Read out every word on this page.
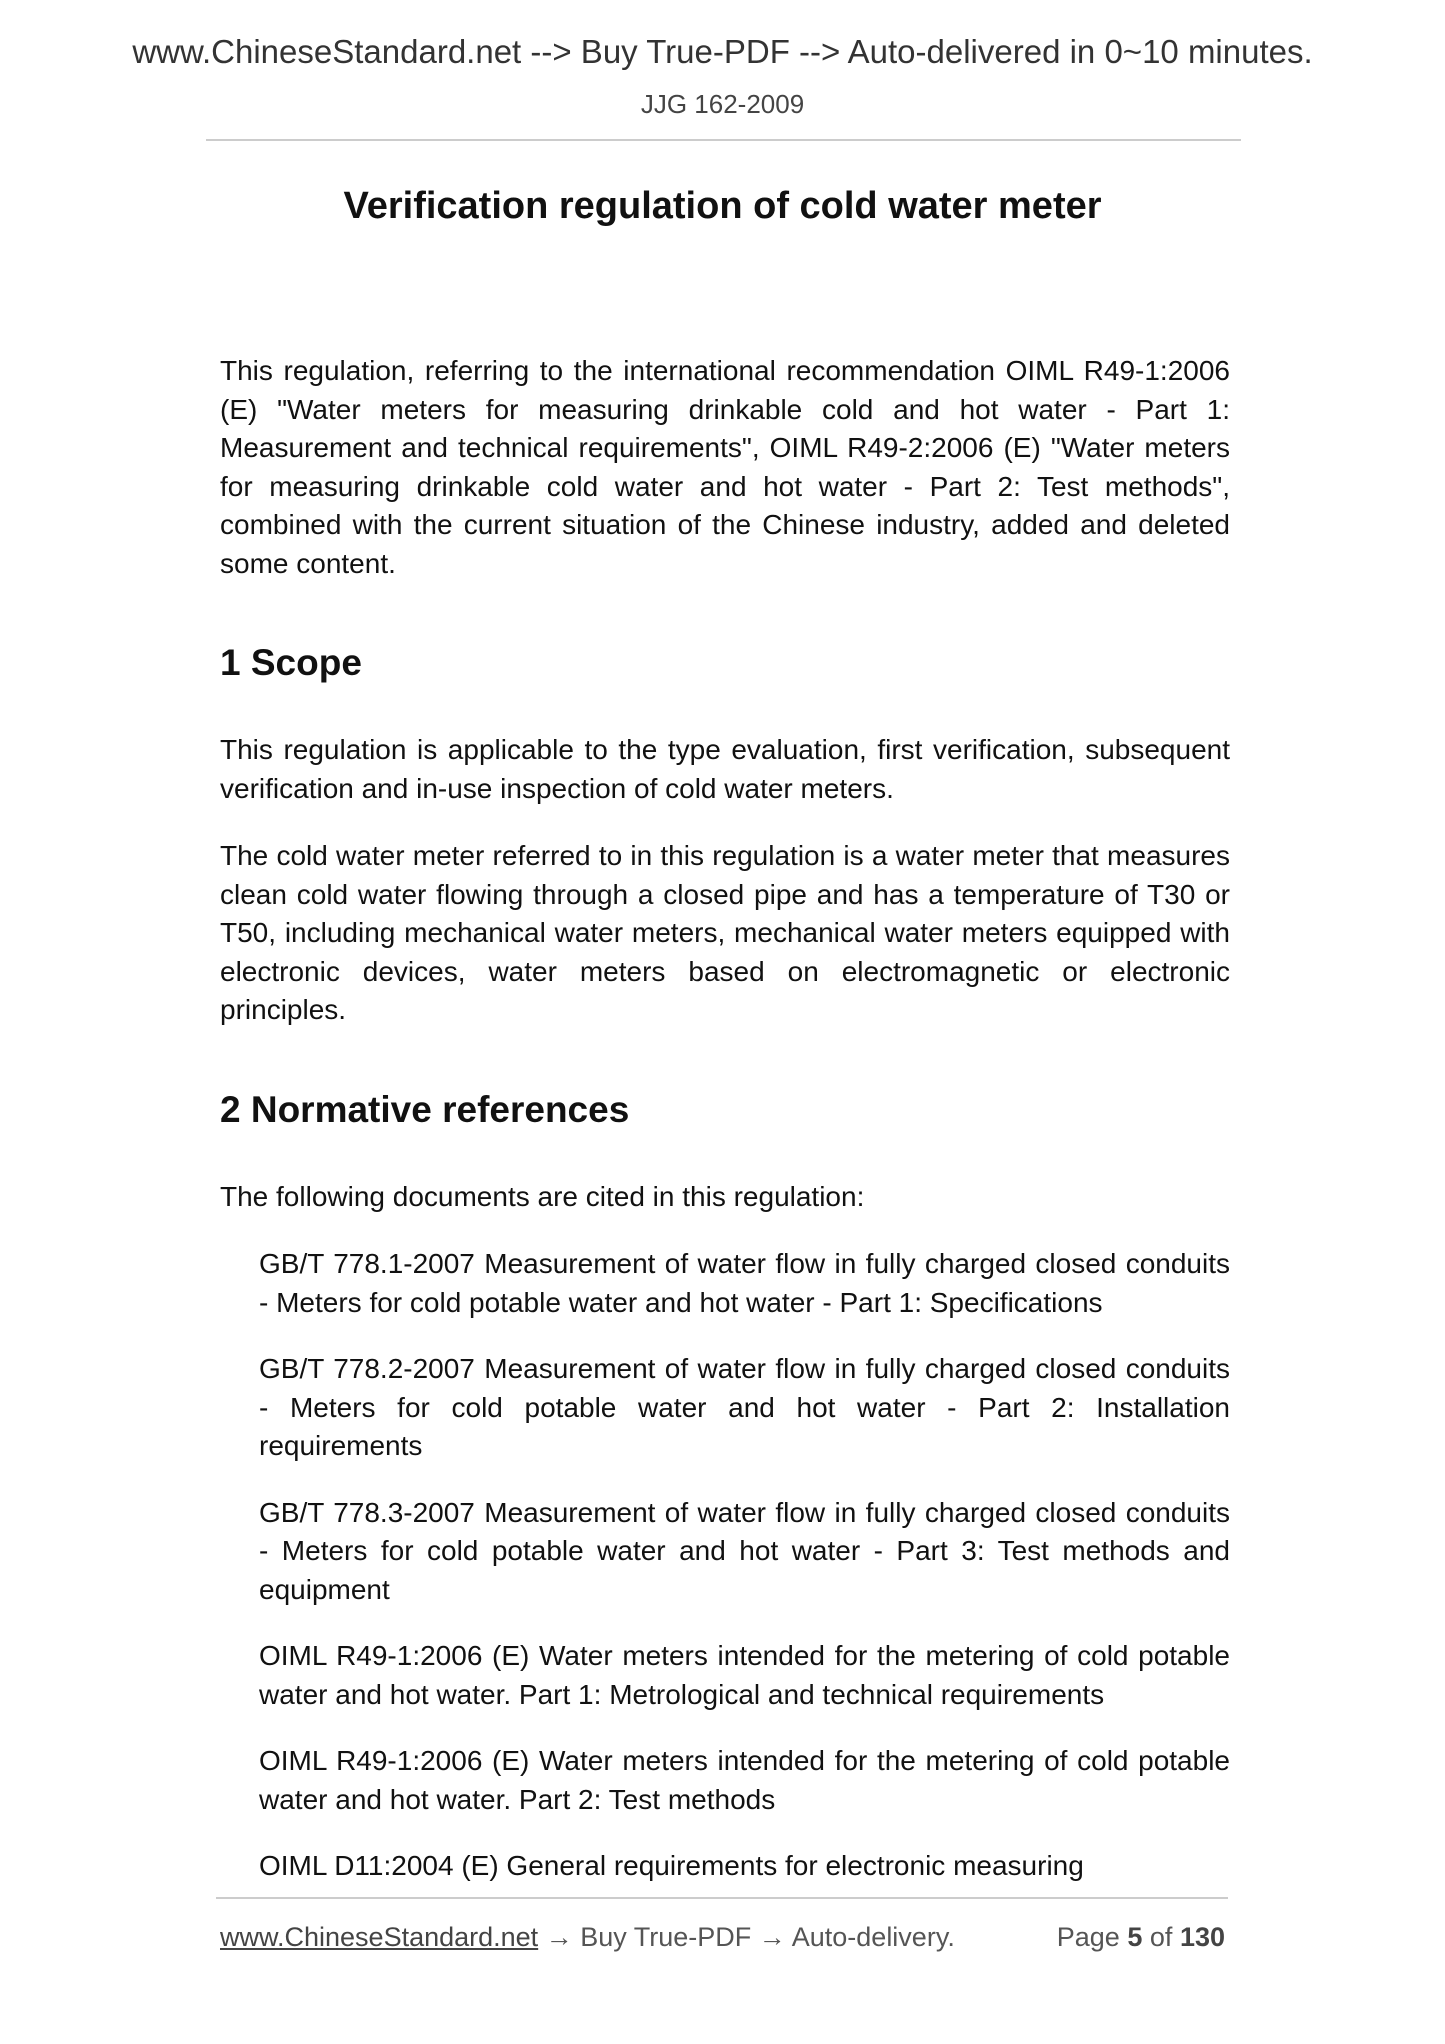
www.ChineseStandard.net --> Buy True-PDF --> Auto-delivered in 0~10 minutes.
JJG 162-2009
Verification regulation of cold water meter

This regulation, referring to the international recommendation OIML R49-1:2006 (E) "Water meters for measuring drinkable cold and hot water - Part 1: Measurement and technical requirements", OIML R49-2:2006 (E) "Water meters for measuring drinkable cold water and hot water - Part 2: Test methods", combined with the current situation of the Chinese industry, added and deleted some content.

1 Scope

This regulation is applicable to the type evaluation, first verification, subsequent verification and in-use inspection of cold water meters.

The cold water meter referred to in this regulation is a water meter that measures clean cold water flowing through a closed pipe and has a temperature of T30 or T50, including mechanical water meters, mechanical water meters equipped with electronic devices, water meters based on electromagnetic or electronic principles.

2 Normative references

The following documents are cited in this regulation:

GB/T 778.1-2007 Measurement of water flow in fully charged closed conduits - Meters for cold potable water and hot water - Part 1: Specifications
GB/T 778.2-2007 Measurement of water flow in fully charged closed conduits - Meters for cold potable water and hot water - Part 2: Installation requirements
GB/T 778.3-2007 Measurement of water flow in fully charged closed conduits - Meters for cold potable water and hot water - Part 3: Test methods and equipment
OIML R49-1:2006 (E) Water meters intended for the metering of cold potable water and hot water. Part 1: Metrological and technical requirements
OIML R49-1:2006 (E) Water meters intended for the metering of cold potable water and hot water. Part 2: Test methods
OIML D11:2004 (E) General requirements for electronic measuring
www.ChineseStandard.net → Buy True-PDF → Auto-delivery.	Page 5 of 130
